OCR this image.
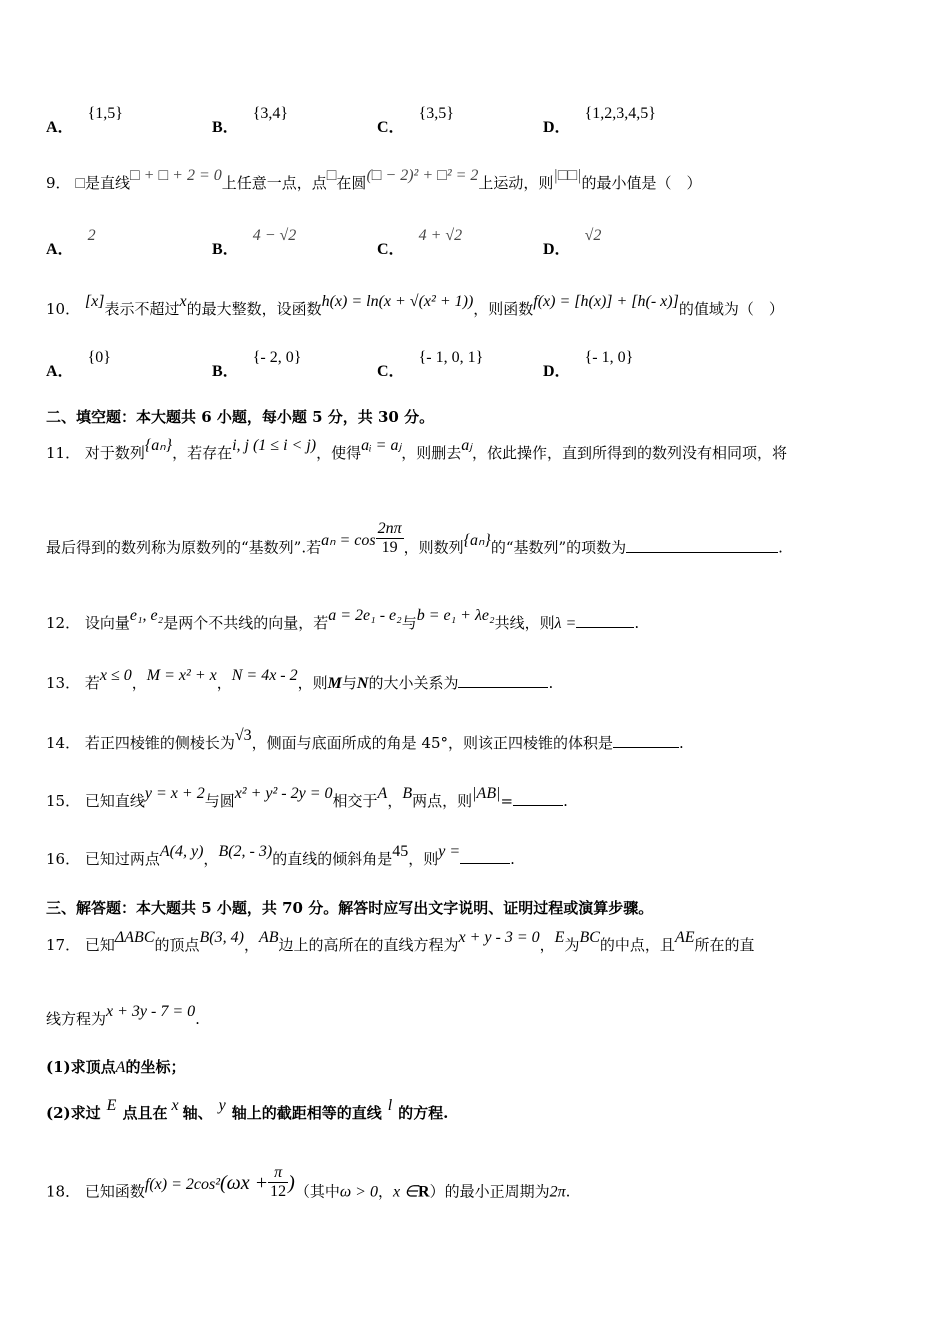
A．{1,5}
B．{3,4}
C．{3,5}
D．{1,2,3,4,5}
9． □是直线□ + □ + 2 = 0上任意一点，点□在圆(□ − 2)² + □² = 2上运动，则|□□|的最小值是（　）
A．2
B．4 − √2
C．4 + √2
D．√2
10． [x]表示不超过x的最大整数，设函数h(x) = ln(x + √(x² + 1))，则函数f(x) = [h(x)] + [h(- x)]的值域为（　）
A．{0}
B．{- 2, 0}
C．{- 1, 0, 1}
D．{- 1, 0}
二、填空题：本大题共 6 小题，每小题 5 分，共 30 分。
11． 对于数列{aₙ}，若存在i, j (1 ≤ i < j)，使得aᵢ = aⱼ，则删去aⱼ，依此操作，直到所得到的数列没有相同项，将
最后得到的数列称为原数列的“基数列”.若$a_n = \cos \frac{2n\pi}{19}$ ，则数列{aₙ}的“基数列”的项数为	.
12． 设向量e₁, e₂是两个不共线的向量，若a = 2e₁ - e₂与b = e₁ + λe₂共线，则λ =	.
13． 若x ≤ 0，M = x² + x，N = 4x - 2，则M与N的大小关系为	.
14． 若正四棱锥的侧棱长为√3，侧面与底面所成的角是 45°，则该正四棱锥的体积是	.
15． 已知直线y = x + 2与圆x² + y² - 2y = 0相交于A，B两点，则|AB|=	.
16． 已知过两点A(4, y)，B(2, - 3)的直线的倾斜角是45，则y =	.
三、解答题：本大题共 5 小题，共 70 分。解答时应写出文字说明、证明过程或演算步骤。
17． 已知ΔABC的顶点B(3, 4)，AB边上的高所在的直线方程为x + y - 3 = 0，E为BC的中点，且AE所在的直
线方程为x + 3y - 7 = 0.
(1)求顶点A的坐标；
(2)求过 E 点且在 x 轴、 y 轴上的截距相等的直线 l 的方程.
18． 已知函数$f(x) = 2\cos^2(\omega x + \frac{\pi}{12}$ )（其中ω > 0，x ∈R）的最小正周期为2π.
